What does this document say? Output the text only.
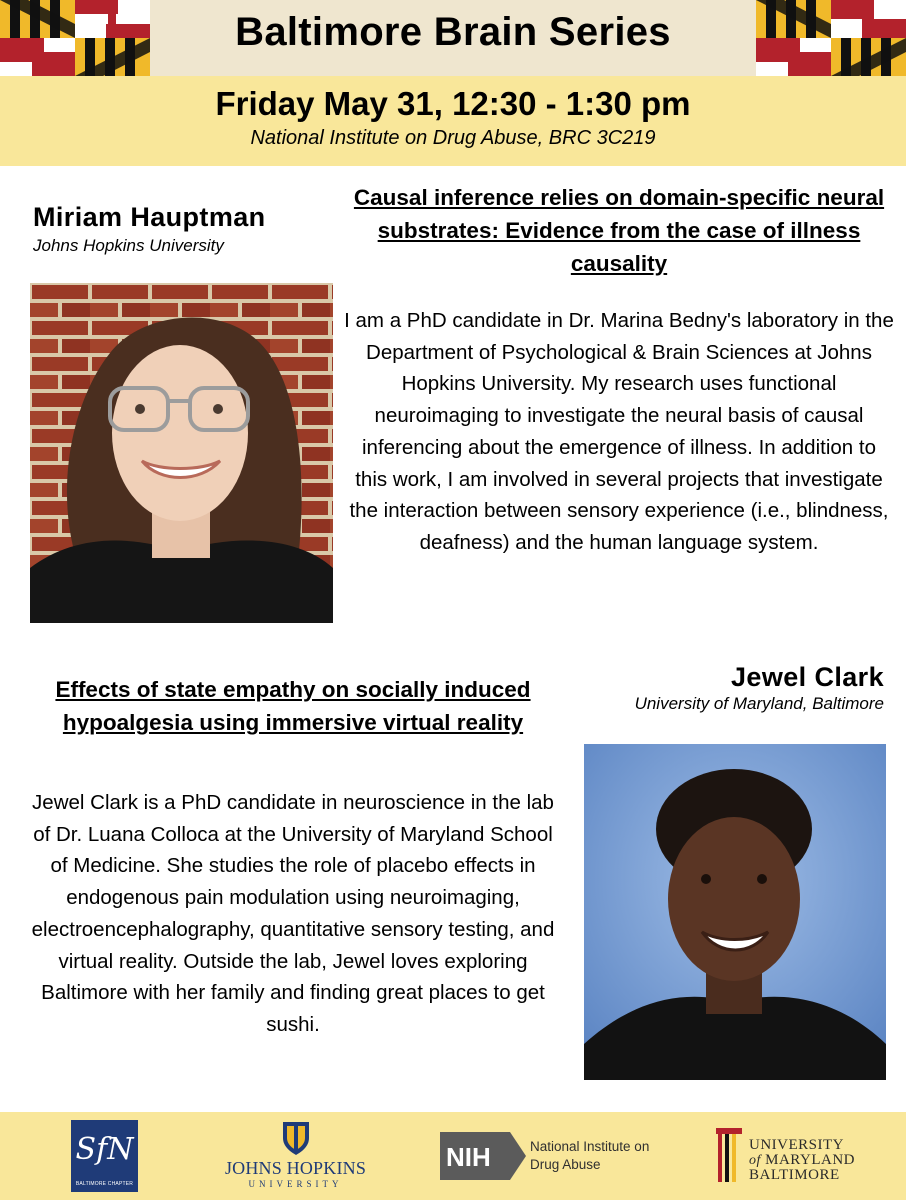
Baltimore Brain Series
Friday May 31, 12:30 - 1:30 pm
National Institute on Drug Abuse, BRC 3C219
Miriam Hauptman
Johns Hopkins University
Causal inference relies on domain-specific neural substrates: Evidence from the case of illness causality
I am a PhD candidate in Dr. Marina Bedny's laboratory in the Department of Psychological & Brain Sciences at Johns Hopkins University. My research uses functional neuroimaging to investigate the neural basis of causal inferencing about the emergence of illness. In addition to this work, I am involved in several projects that investigate the interaction between sensory experience (i.e., blindness, deafness) and the human language system.
Effects of state empathy on socially induced hypoalgesia using immersive virtual reality
Jewel Clark is a PhD candidate in neuroscience in the lab of Dr. Luana Colloca at the University of Maryland School of Medicine. She studies the role of placebo effects in endogenous pain modulation using neuroimaging, electroencephalography, quantitative sensory testing, and virtual reality. Outside the lab, Jewel loves exploring Baltimore with her family and finding great places to get sushi.
Jewel Clark
University of Maryland, Baltimore
SfN
BALTIMORE CHAPTER
JOHNS HOPKINS
UNIVERSITY
NIH	National Institute on Drug Abuse
UNIVERSITY
of MARYLAND
BALTIMORE
